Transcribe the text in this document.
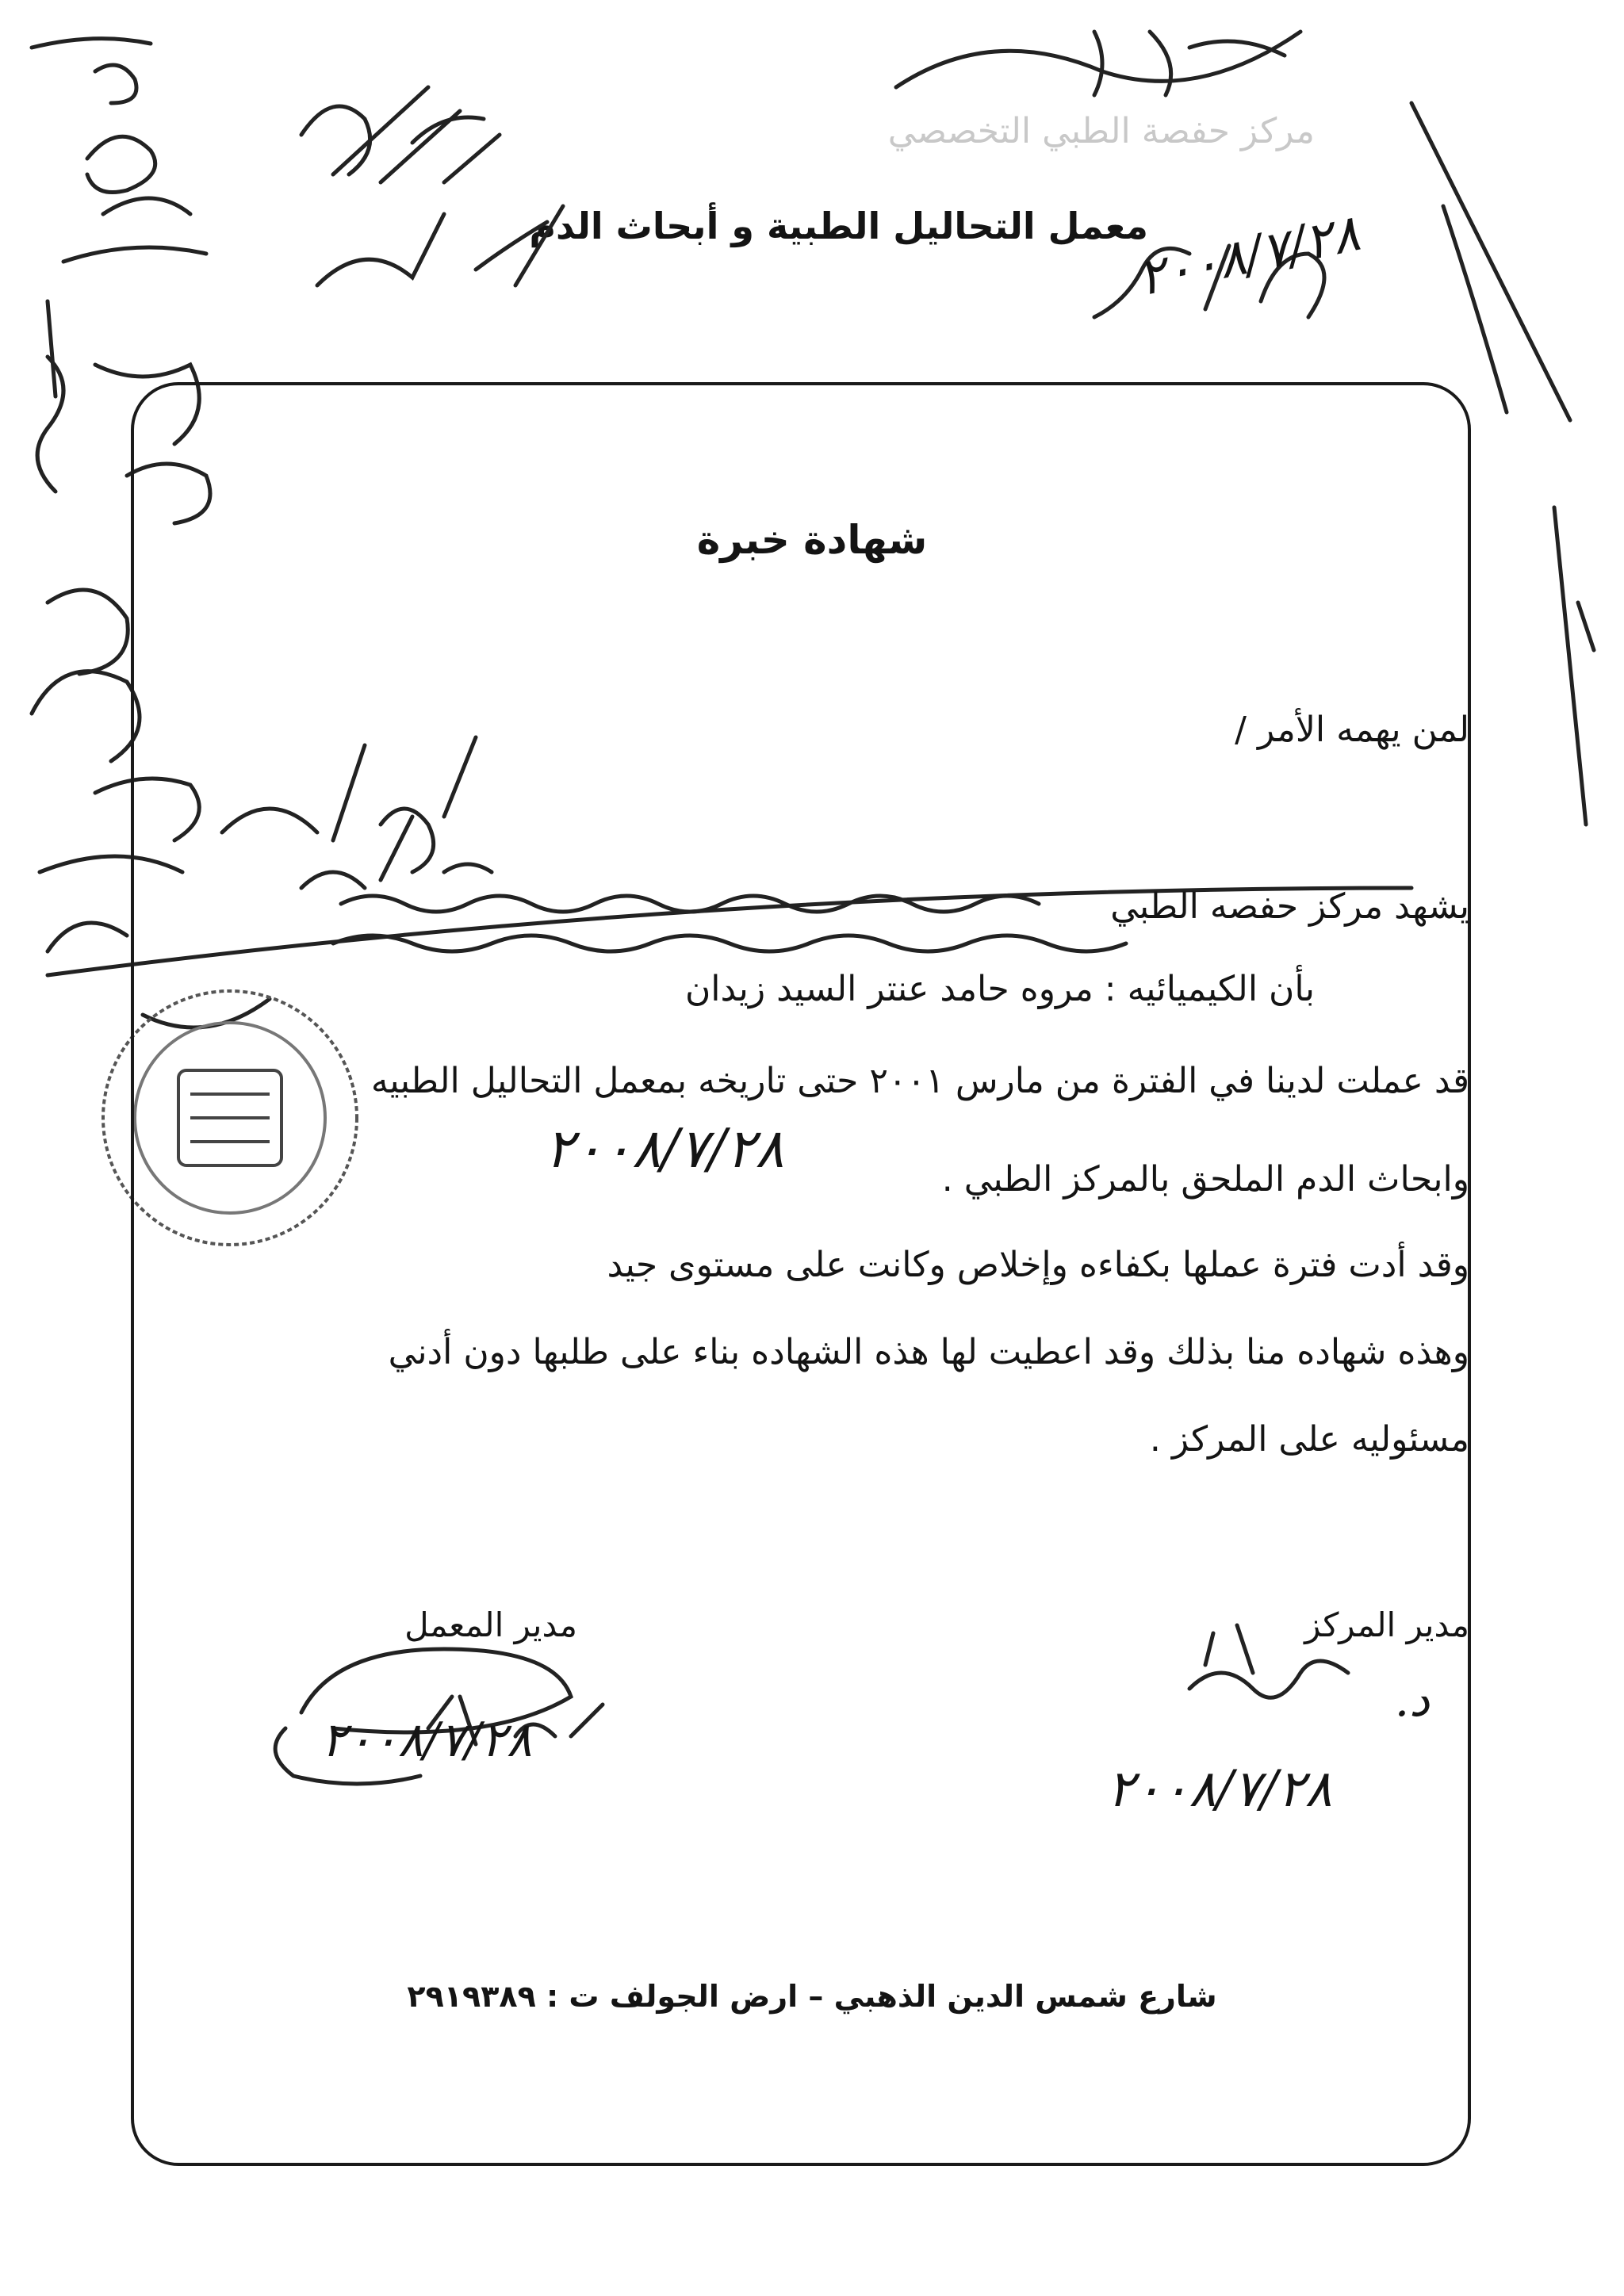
مركز حفصة الطبي التخصصي
معمل التحاليل الطبية و أبحاث الدم
٢٠٠٨/٧/٢٨
شهادة خبرة
لمن يهمه الأمر /
يشهد مركز حفصه الطبي
بأن الكيميائيه : مروه حامد عنتر السيد زيدان
قد عملت لدينا في الفترة من مارس ٢٠٠١ حتى تاريخه بمعمل التحاليل الطبيه
٢٠٠٨/٧/٢٨	وابحاث الدم الملحق بالمركز الطبي .
وقد أدت فترة عملها بكفاءه وإخلاص وكانت على مستوى جيد
وهذه شهاده منا بذلك وقد اعطيت لها هذه الشهاده بناء على طلبها دون أدني
مسئوليه على المركز .
مدير المركز
مدير المعمل
د.
٢٠٠٨/٧/٢٨
٢٠٠٨/٧/٢٨
شارع شمس الدين الذهبي – ارض الجولف ت : ٢٩١٩٣٨٩
